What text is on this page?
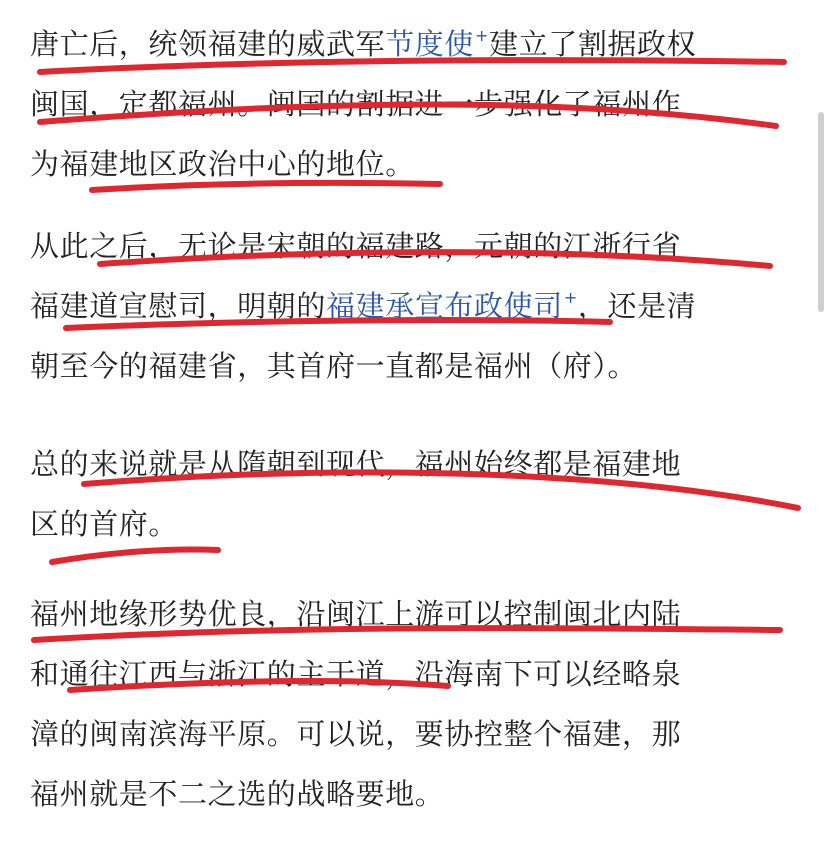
唐亡后，统领福建的威武军节度使+建立了割据政权
闽国，定都福州。闽国的割据进一步强化了福州作
为福建地区政治中心的地位。
从此之后，无论是宋朝的福建路，元朝的江浙行省
福建道宣慰司，明朝的福建承宣布政使司+，还是清
朝至今的福建省，其首府一直都是福州（府）。
总的来说就是从隋朝到现代，福州始终都是福建地
区的首府。
福州地缘形势优良，沿闽江上游可以控制闽北内陆
和通往江西与浙江的主干道，沿海南下可以经略泉
漳的闽南滨海平原。可以说，要协控整个福建，那
福州就是不二之选的战略要地。
